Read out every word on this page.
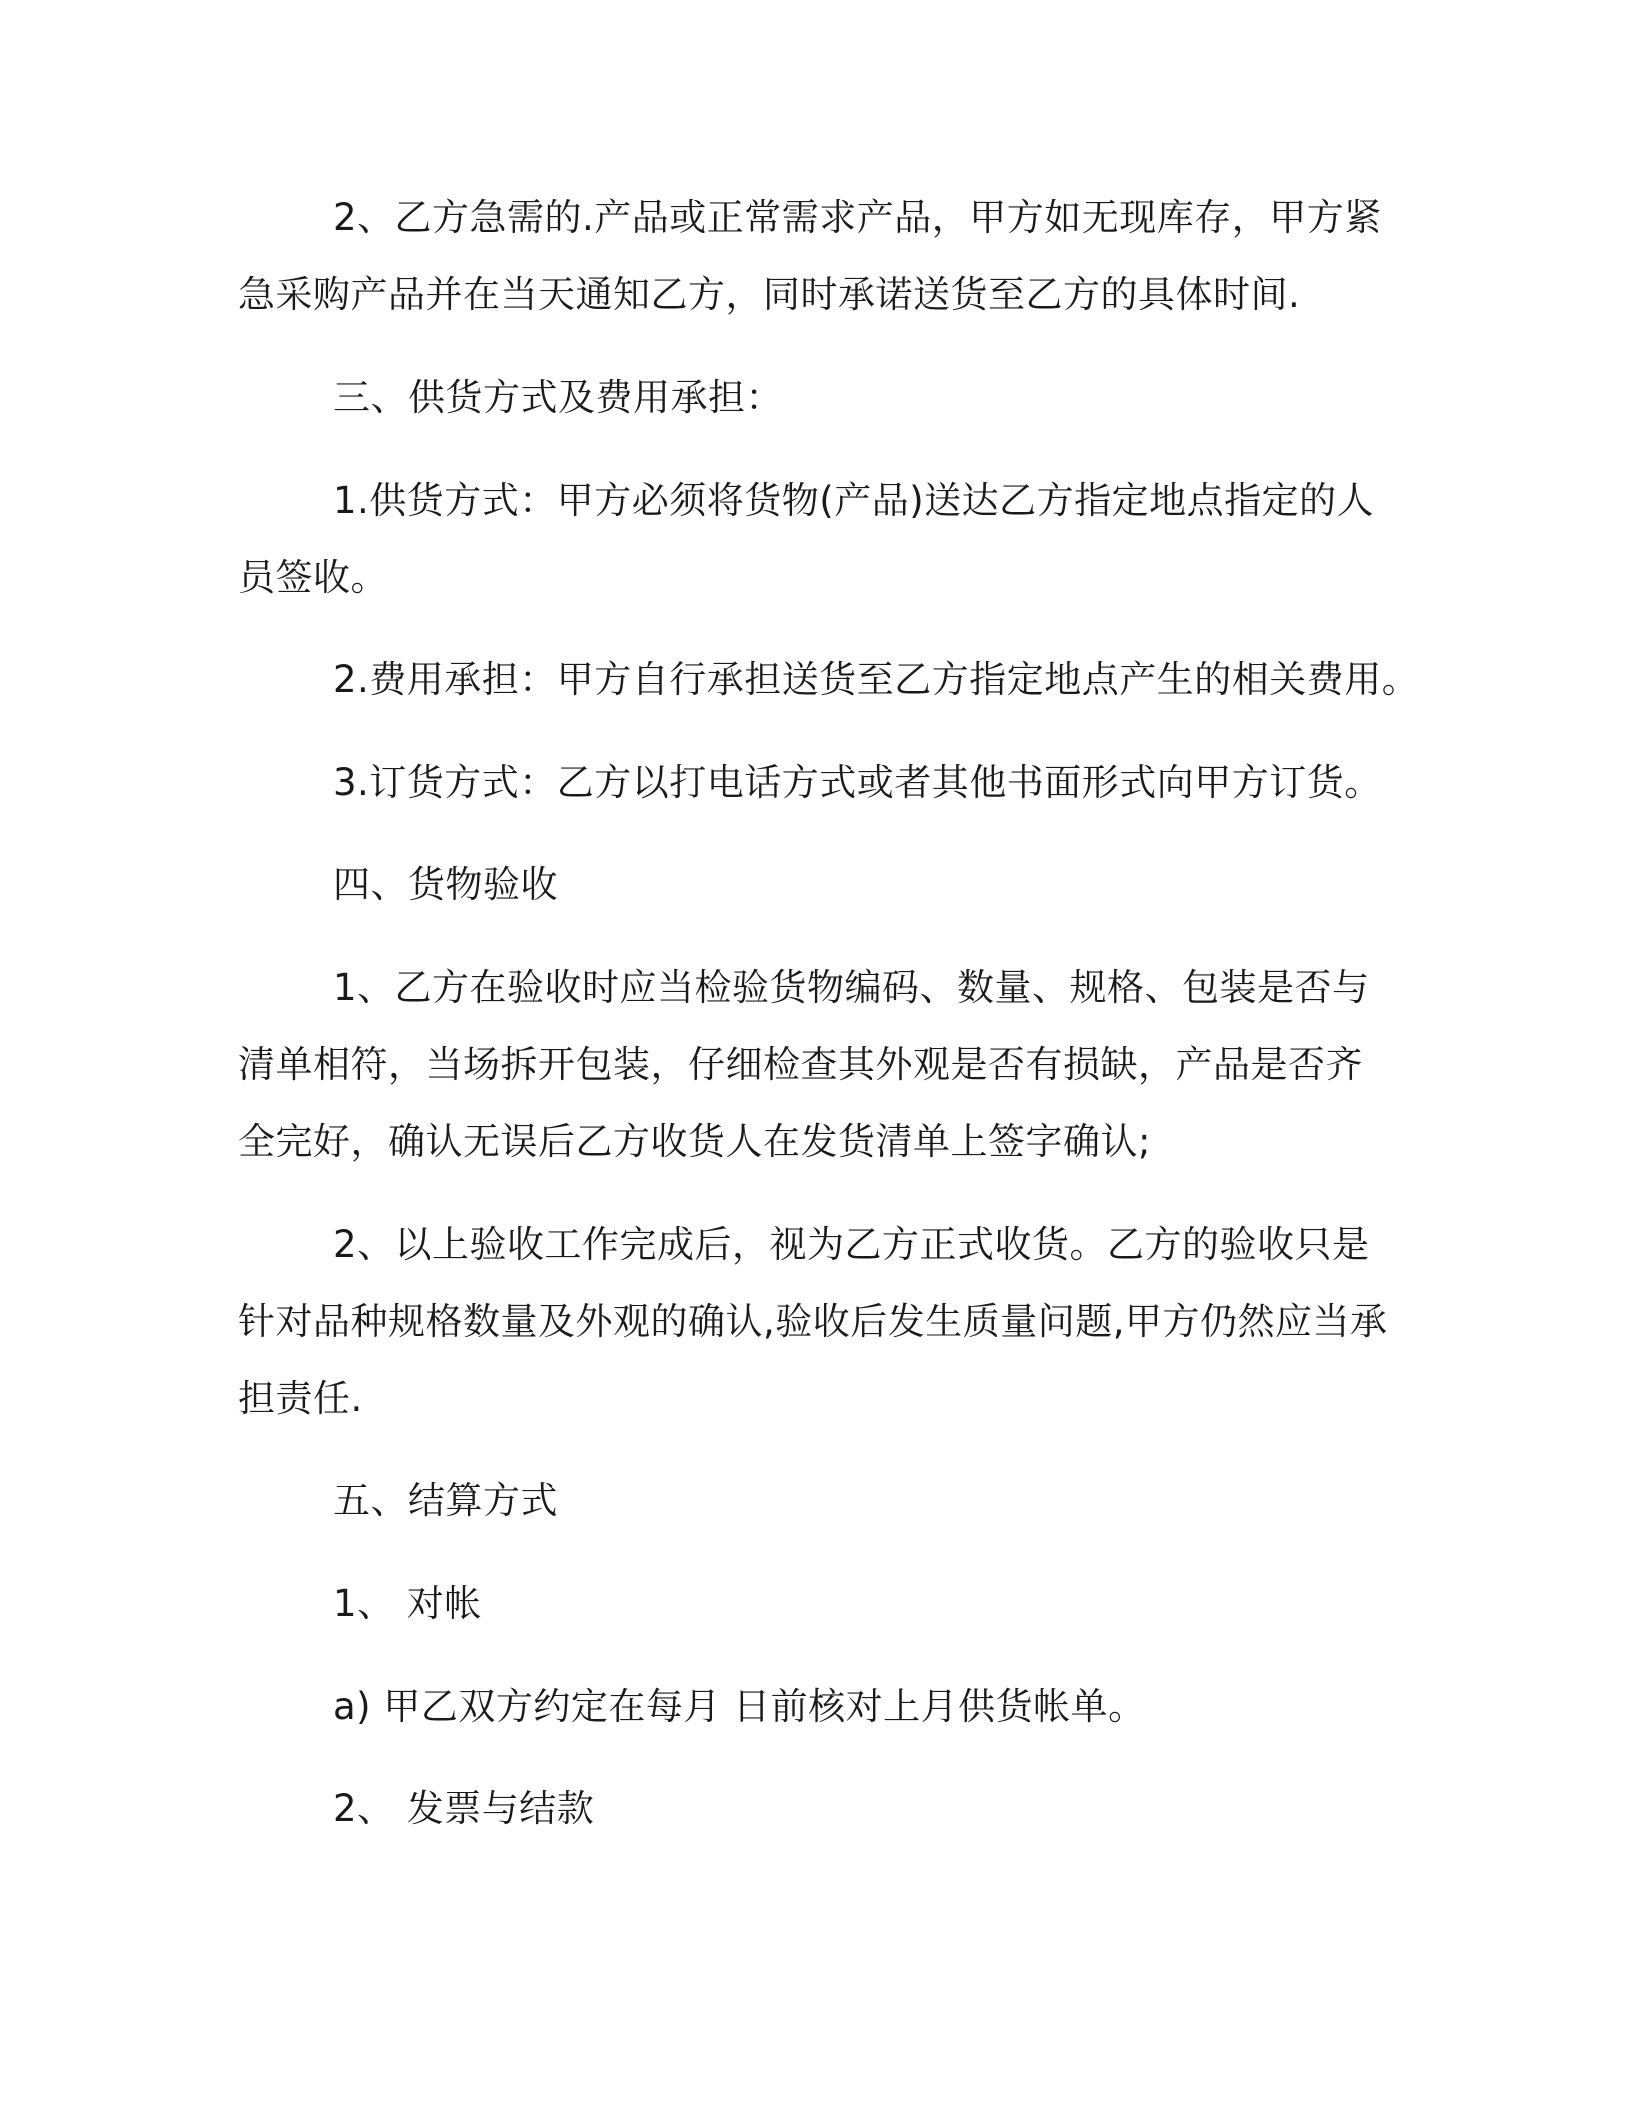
2、乙方急需的.产品或正常需求产品，甲方如无现库存，甲方紧
急采购产品并在当天通知乙方，同时承诺送货至乙方的具体时间.
三、供货方式及费用承担：
1.供货方式：甲方必须将货物(产品)送达乙方指定地点指定的人
员签收。
2.费用承担：甲方自行承担送货至乙方指定地点产生的相关费用。
3.订货方式：乙方以打电话方式或者其他书面形式向甲方订货。
四、货物验收
1、乙方在验收时应当检验货物编码、数量、规格、包装是否与
清单相符，当场拆开包装，仔细检查其外观是否有损缺，产品是否齐
全完好，确认无误后乙方收货人在发货清单上签字确认;
2、以上验收工作完成后，视为乙方正式收货。乙方的验收只是
针对品种规格数量及外观的确认,验收后发生质量问题,甲方仍然应当承
担责任.
五、结算方式
1、 对帐
a) 甲乙双方约定在每月 日前核对上月供货帐单。
2、 发票与结款
